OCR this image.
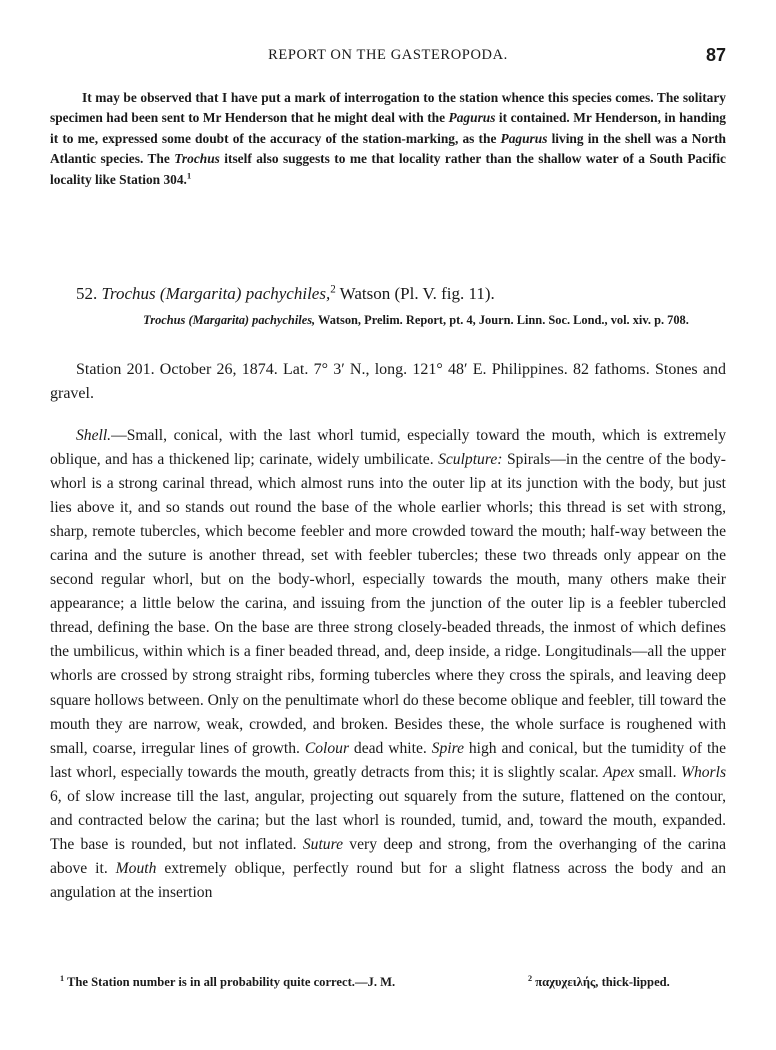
REPORT ON THE GASTEROPODA.	87

It may be observed that I have put a mark of interrogation to the station whence this species comes. The solitary specimen had been sent to Mr Henderson that he might deal with the Pagurus it contained. Mr Henderson, in handing it to me, expressed some doubt of the accuracy of the station-marking, as the Pagurus living in the shell was a North Atlantic species. The Trochus itself also suggests to me that locality rather than the shallow water of a South Pacific locality like Station 304.$^1$

52. Trochus (Margarita) pachychiles,$^2$ Watson (Pl. V. fig. 11).
Trochus (Margarita) pachychiles, Watson, Prelim. Report, pt. 4, Journ. Linn. Soc. Lond., vol. xiv. p. 708.

Station 201. October 26, 1874. Lat. 7° 3′ N., long. 121° 48′ E. Philippines. 82 fathoms. Stones and gravel.

Shell.—Small, conical, with the last whorl tumid, especially toward the mouth, which is extremely oblique, and has a thickened lip; carinate, widely umbilicate. Sculpture: Spirals—in the centre of the body-whorl is a strong carinal thread, which almost runs into the outer lip at its junction with the body, but just lies above it, and so stands out round the base of the whole earlier whorls; this thread is set with strong, sharp, remote tubercles, which become feebler and more crowded toward the mouth; half-way between the carina and the suture is another thread, set with feebler tubercles; these two threads only appear on the second regular whorl, but on the body-whorl, especially towards the mouth, many others make their appearance; a little below the carina, and issuing from the junction of the outer lip is a feebler tubercled thread, defining the base. On the base are three strong closely-beaded threads, the inmost of which defines the umbilicus, within which is a finer beaded thread, and, deep inside, a ridge. Longitudinals—all the upper whorls are crossed by strong straight ribs, forming tubercles where they cross the spirals, and leaving deep square hollows between. Only on the penultimate whorl do these become oblique and feebler, till toward the mouth they are narrow, weak, crowded, and broken. Besides these, the whole surface is roughened with small, coarse, irregular lines of growth. Colour dead white. Spire high and conical, but the tumidity of the last whorl, especially towards the mouth, greatly detracts from this; it is slightly scalar. Apex small. Whorls 6, of slow increase till the last, angular, projecting out squarely from the suture, flattened on the contour, and contracted below the carina; but the last whorl is rounded, tumid, and, toward the mouth, expanded. The base is rounded, but not inflated. Suture very deep and strong, from the overhanging of the carina above it. Mouth extremely oblique, perfectly round but for a slight flatness across the body and an angulation at the insertion

$^1$ The Station number is in all probability quite correct.—J. M.	$^2$ παχυχειλής, thick-lipped.
